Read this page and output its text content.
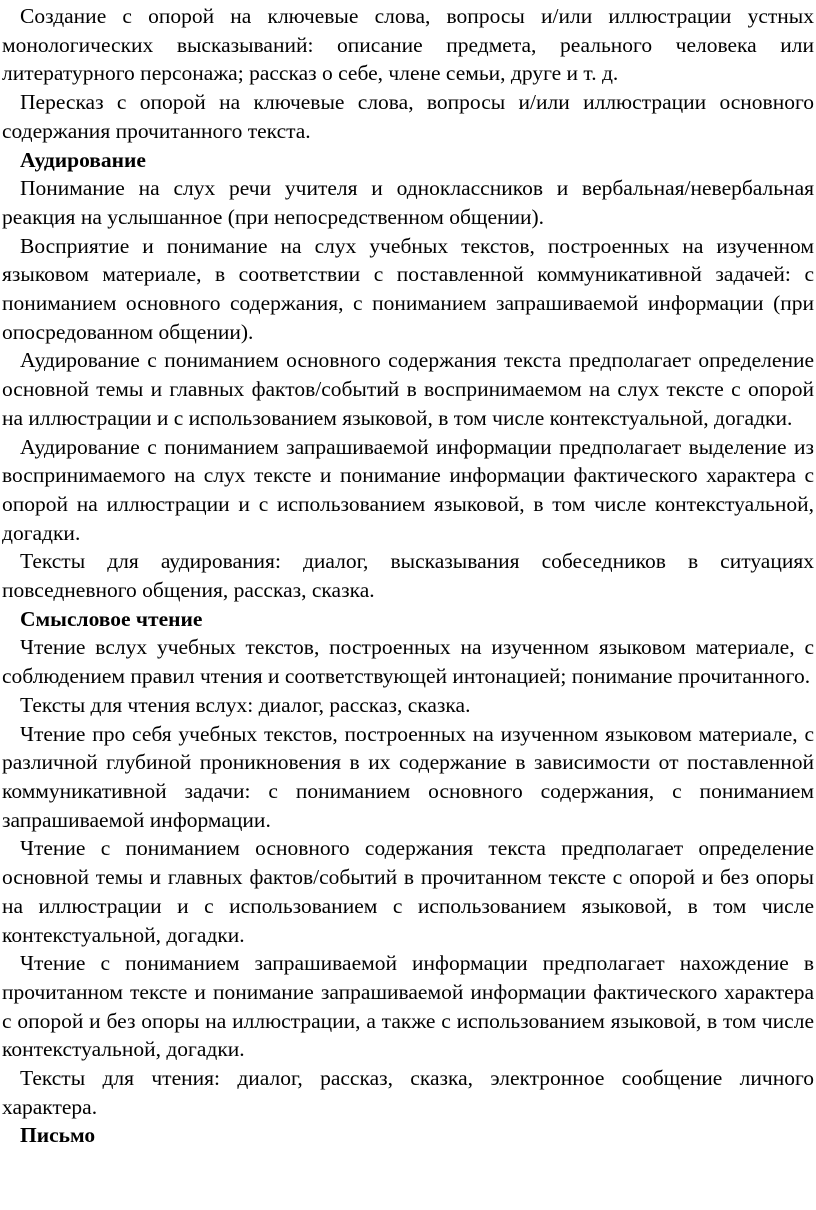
Создание с опорой на ключевые слова, вопросы и/или иллюстрации устных монологических высказываний: описание предмета, реального человека или литературного персонажа; рассказ о себе, члене семьи, друге и т. д.

Пересказ с опорой на ключевые слова, вопросы и/или иллюстрации основного содержания прочитанного текста.

Аудирование

Понимание на слух речи учителя и одноклассников и вербальная/невербальная реакция на услышанное (при непосредственном общении).

Восприятие и понимание на слух учебных текстов, построенных на изученном языковом материале, в соответствии с поставленной коммуникативной задачей: с пониманием основного содержания, с пониманием запрашиваемой информации (при опосредованном общении).

Аудирование с пониманием основного содержания текста предполагает определение основной темы и главных фактов/событий в воспринимаемом на слух тексте с опорой на иллюстрации и с использованием языковой, в том числе контекстуальной, догадки.

Аудирование с пониманием запрашиваемой информации предполагает выделение из воспринимаемого на слух тексте и понимание информации фактического характера с опорой на иллюстрации и с использованием языковой, в том числе контекстуальной, догадки.

Тексты для аудирования: диалог, высказывания собеседников в ситуациях повседневного общения, рассказ, сказка.

Смысловое чтение

Чтение вслух учебных текстов, построенных на изученном языковом материале, с соблюдением правил чтения и соответствующей интонацией; понимание прочитанного.

Тексты для чтения вслух: диалог, рассказ, сказка.

Чтение про себя учебных текстов, построенных на изученном языковом материале, с различной глубиной проникновения в их содержание в зависимости от поставленной коммуникативной задачи: с пониманием основного содержания, с пониманием запрашиваемой информации.

Чтение с пониманием основного содержания текста предполагает определение основной темы и главных фактов/событий в прочитанном тексте с опорой и без опоры на иллюстрации и с использованием с использованием языковой, в том числе контекстуальной, догадки.

Чтение с пониманием запрашиваемой информации предполагает нахождение в прочитанном тексте и понимание запрашиваемой информации фактического характера с опорой и без опоры на иллюстрации, а также с использованием языковой, в том числе контекстуальной, догадки.

Тексты для чтения: диалог, рассказ, сказка, электронное сообщение личного характера.

Письмо
